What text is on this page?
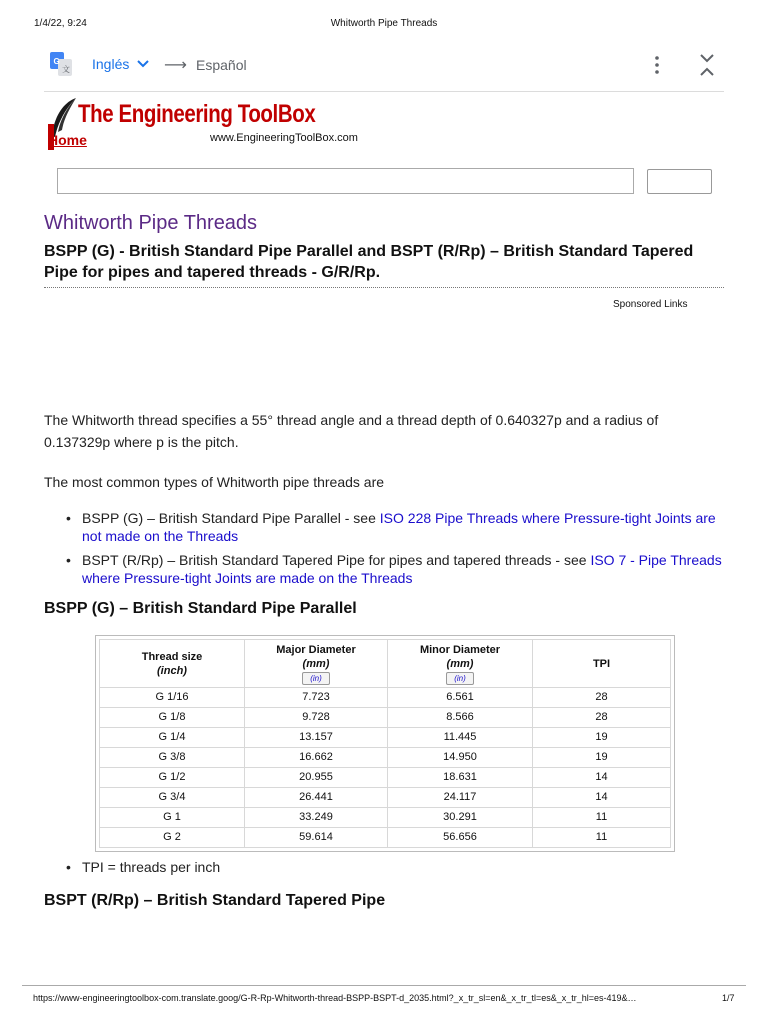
1/4/22, 9:24	Whitworth Pipe Threads
G
文 Inglés ⟶ Español
The Engineering ToolBox
Home	www.EngineeringToolBox.com
Whitworth Pipe Threads
BSPP (G) - British Standard Pipe Parallel and BSPT (R/Rp) – British Standard Tapered Pipe for pipes and tapered threads - G/R/Rp.
Sponsored Links

The Whitworth thread specifies a 55° thread angle and a thread depth of 0.640327p and a radius of 0.137329p where p is the pitch.

The most common types of Whitworth pipe threads are

• BSPP (G) – British Standard Pipe Parallel - see ISO 228 Pipe Threads where Pressure-tight Joints are not made on the Threads
• BSPT (R/Rp) – British Standard Tapered Pipe for pipes and tapered threads - see ISO 7 - Pipe Threads where Pressure-tight Joints are made on the Threads
BSPP (G) – British Standard Pipe Parallel
Thread size
(inch)	Major Diameter
(mm)
(in)	Minor Diameter
(mm)
(in)	TPI
G 1/16	7.723	6.561	28
G 1/8	9.728	8.566	28
G 1/4	13.157	11.445	19
G 3/8	16.662	14.950	19
G 1/2	20.955	18.631	14
G 3/4	26.441	24.117	14
G 1	33.249	30.291	11
G 2	59.614	56.656	11
• TPI = threads per inch
BSPT (R/Rp) – British Standard Tapered Pipe
https://www-engineeringtoolbox-com.translate.goog/G-R-Rp-Whitworth-thread-BSPP-BSPT-d_2035.html?_x_tr_sl=en&_x_tr_tl=es&_x_tr_hl=es-419&…	1/7
